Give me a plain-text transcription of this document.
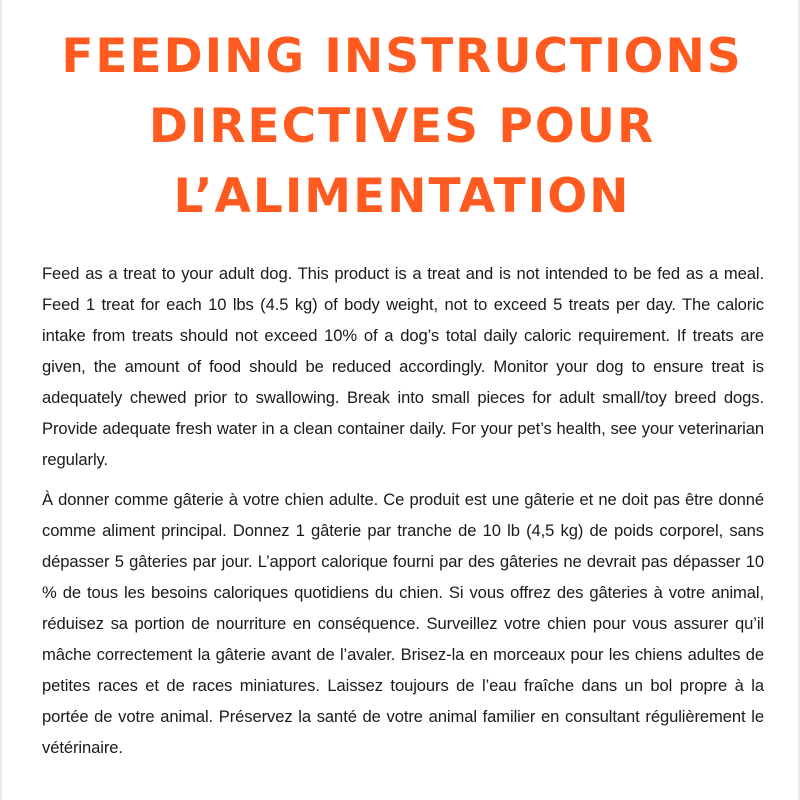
FEEDING INSTRUCTIONS
DIRECTIVES POUR
L’ALIMENTATION

Feed as a treat to your adult dog. This product is a treat and is not intended to be fed as a meal. Feed 1 treat for each 10 lbs (4.5 kg) of body weight, not to exceed 5 treats per day. The caloric intake from treats should not exceed 10% of a dog’s total daily caloric requirement. If treats are given, the amount of food should be reduced accordingly. Monitor your dog to ensure treat is adequately chewed prior to swallowing. Break into small pieces for adult small/toy breed dogs. Provide adequate fresh water in a clean container daily. For your pet’s health, see your veterinarian regularly.

À donner comme gâterie à votre chien adulte. Ce produit est une gâterie et ne doit pas être donné comme aliment principal. Donnez 1 gâterie par tranche de 10 lb (4,5 kg) de poids corporel, sans dépasser 5 gâteries par jour. L’apport calorique fourni par des gâteries ne devrait pas dépasser 10 % de tous les besoins caloriques quotidiens du chien. Si vous offrez des gâteries à votre animal, réduisez sa portion de nourriture en conséquence. Surveillez votre chien pour vous assurer qu’il mâche correctement la gâterie avant de l’avaler. Brisez-la en morceaux pour les chiens adultes de petites races et de races miniatures. Laissez toujours de l’eau fraîche dans un bol propre à la portée de votre animal. Préservez la santé de votre animal familier en consultant régulièrement le vétérinaire.
